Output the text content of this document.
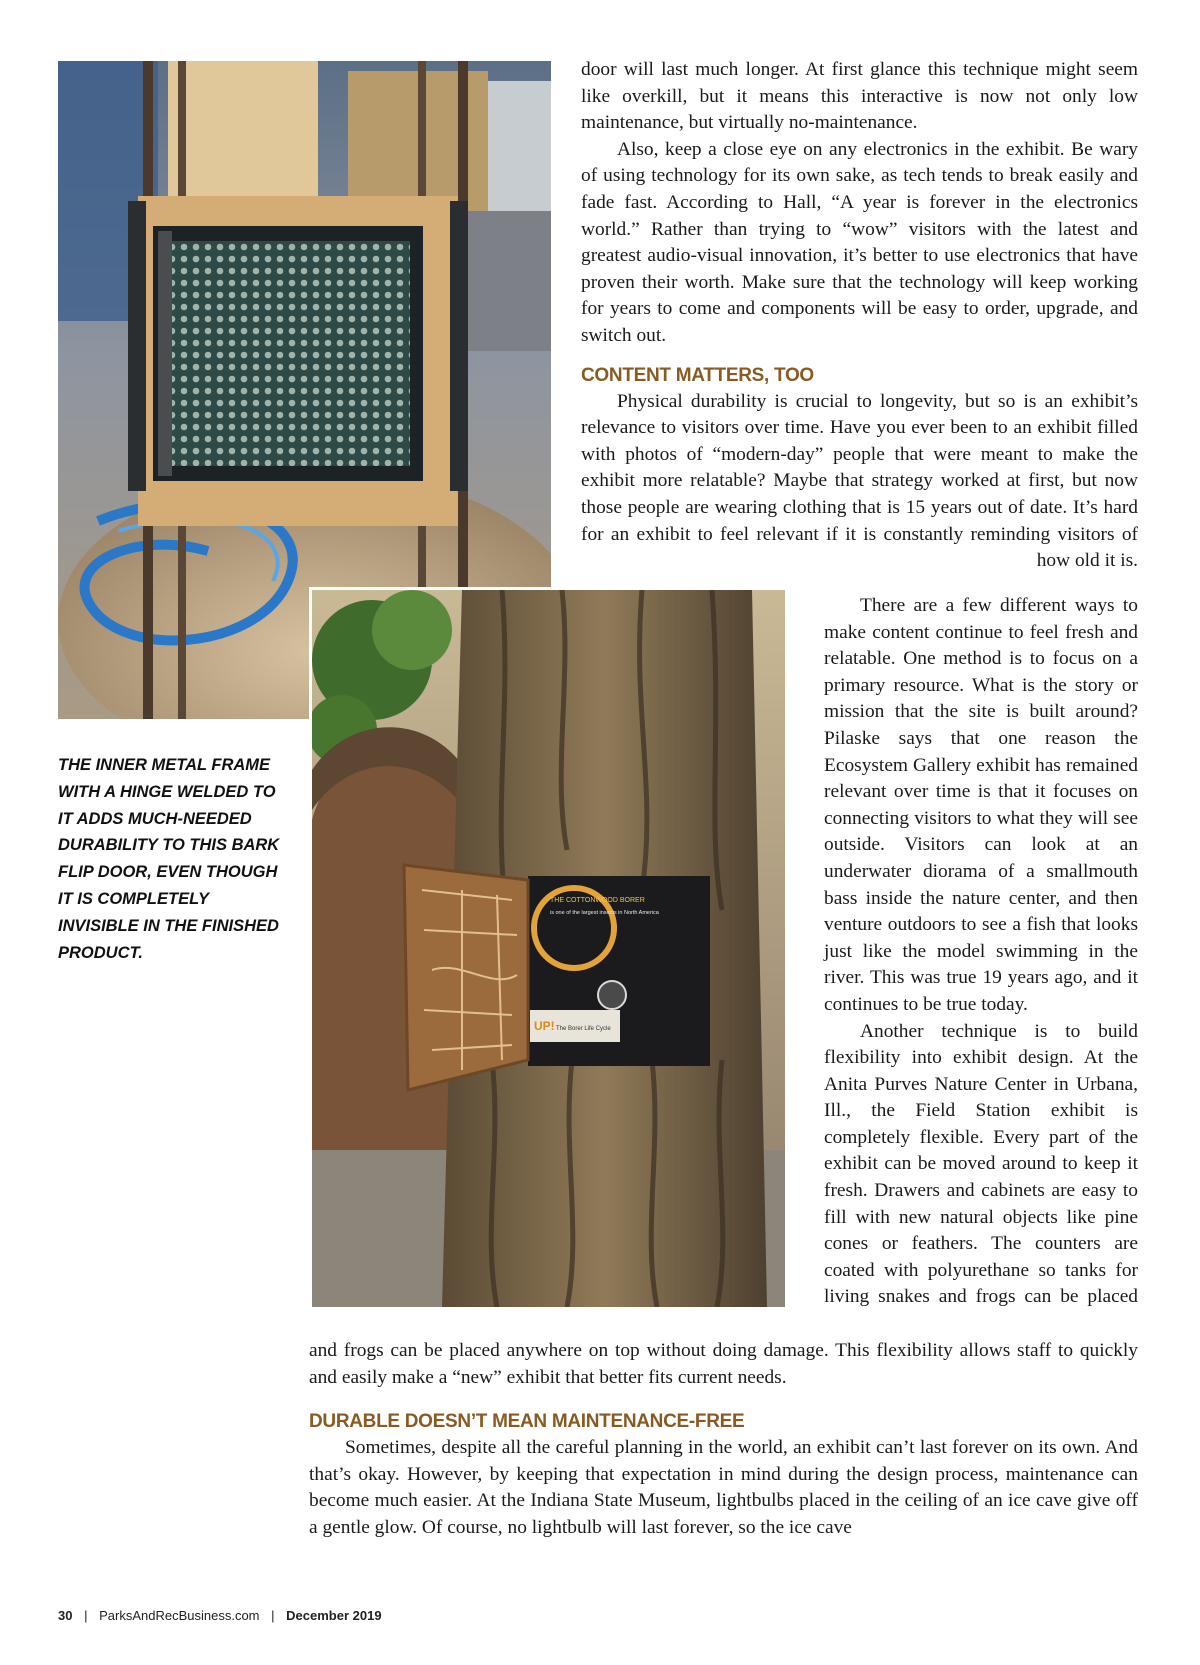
THE COTTONWOOD BORER
is one of the largest insects in North America
UP! The Borer Life Cycle
THE INNER METAL FRAME WITH A HINGE WELDED TO IT ADDS MUCH-NEEDED DURABILITY TO THIS BARK FLIP DOOR, EVEN THOUGH IT IS COMPLETELY INVISIBLE IN THE FINISHED PRODUCT.

door will last much longer. At first glance this technique might seem like overkill, but it means this interactive is now not only low maintenance, but virtually no-maintenance.

Also, keep a close eye on any electronics in the exhibit. Be wary of using technology for its own sake, as tech tends to break easily and fade fast. According to Hall, “A year is forever in the electronics world.” Rather than trying to “wow” visitors with the latest and greatest audio-visual innovation, it’s better to use electronics that have proven their worth. Make sure that the technology will keep working for years to come and components will be easy to order, upgrade, and switch out.

CONTENT MATTERS, TOO

Physical durability is crucial to longevity, but so is an exhibit’s relevance to visitors over time. Have you ever been to an exhibit filled with photos of “modern-day” people that were meant to make the exhibit more relatable? Maybe that strategy worked at first, but now those people are wearing clothing that is 15 years out of date. It’s hard for an exhibit to feel relevant if it is constantly reminding visitors of how old it is.

There are a few different ways to make content continue to feel fresh and relatable. One method is to focus on a primary resource. What is the story or mission that the site is built around? Pilaske says that one reason the Ecosystem Gallery exhibit has remained relevant over time is that it focuses on connecting visitors to what they will see outside. Visitors can look at an underwater diorama of a smallmouth bass inside the nature center, and then venture outdoors to see a fish that looks just like the model swimming in the river. This was true 19 years ago, and it continues to be true today.

Another technique is to build flexibility into exhibit design. At the Anita Purves Nature Center in Urbana, Ill., the Field Station exhibit is completely flexible. Every part of the exhibit can be moved around to keep it fresh. Drawers and cabinets are easy to fill with new natural objects like pine cones or feathers. The counters are coated with polyurethane so tanks for living snakes and frogs can be placed

and frogs can be placed anywhere on top without doing damage. This flexibility allows staff to quickly and easily make a “new” exhibit that better fits current needs.

DURABLE DOESN’T MEAN MAINTENANCE-FREE

Sometimes, despite all the careful planning in the world, an exhibit can’t last forever on its own. And that’s okay. However, by keeping that expectation in mind during the design process, maintenance can become much easier. At the Indiana State Museum, lightbulbs placed in the ceiling of an ice cave give off a gentle glow. Of course, no lightbulb will last forever, so the ice cave

30 | ParksAndRecBusiness.com | December 2019
